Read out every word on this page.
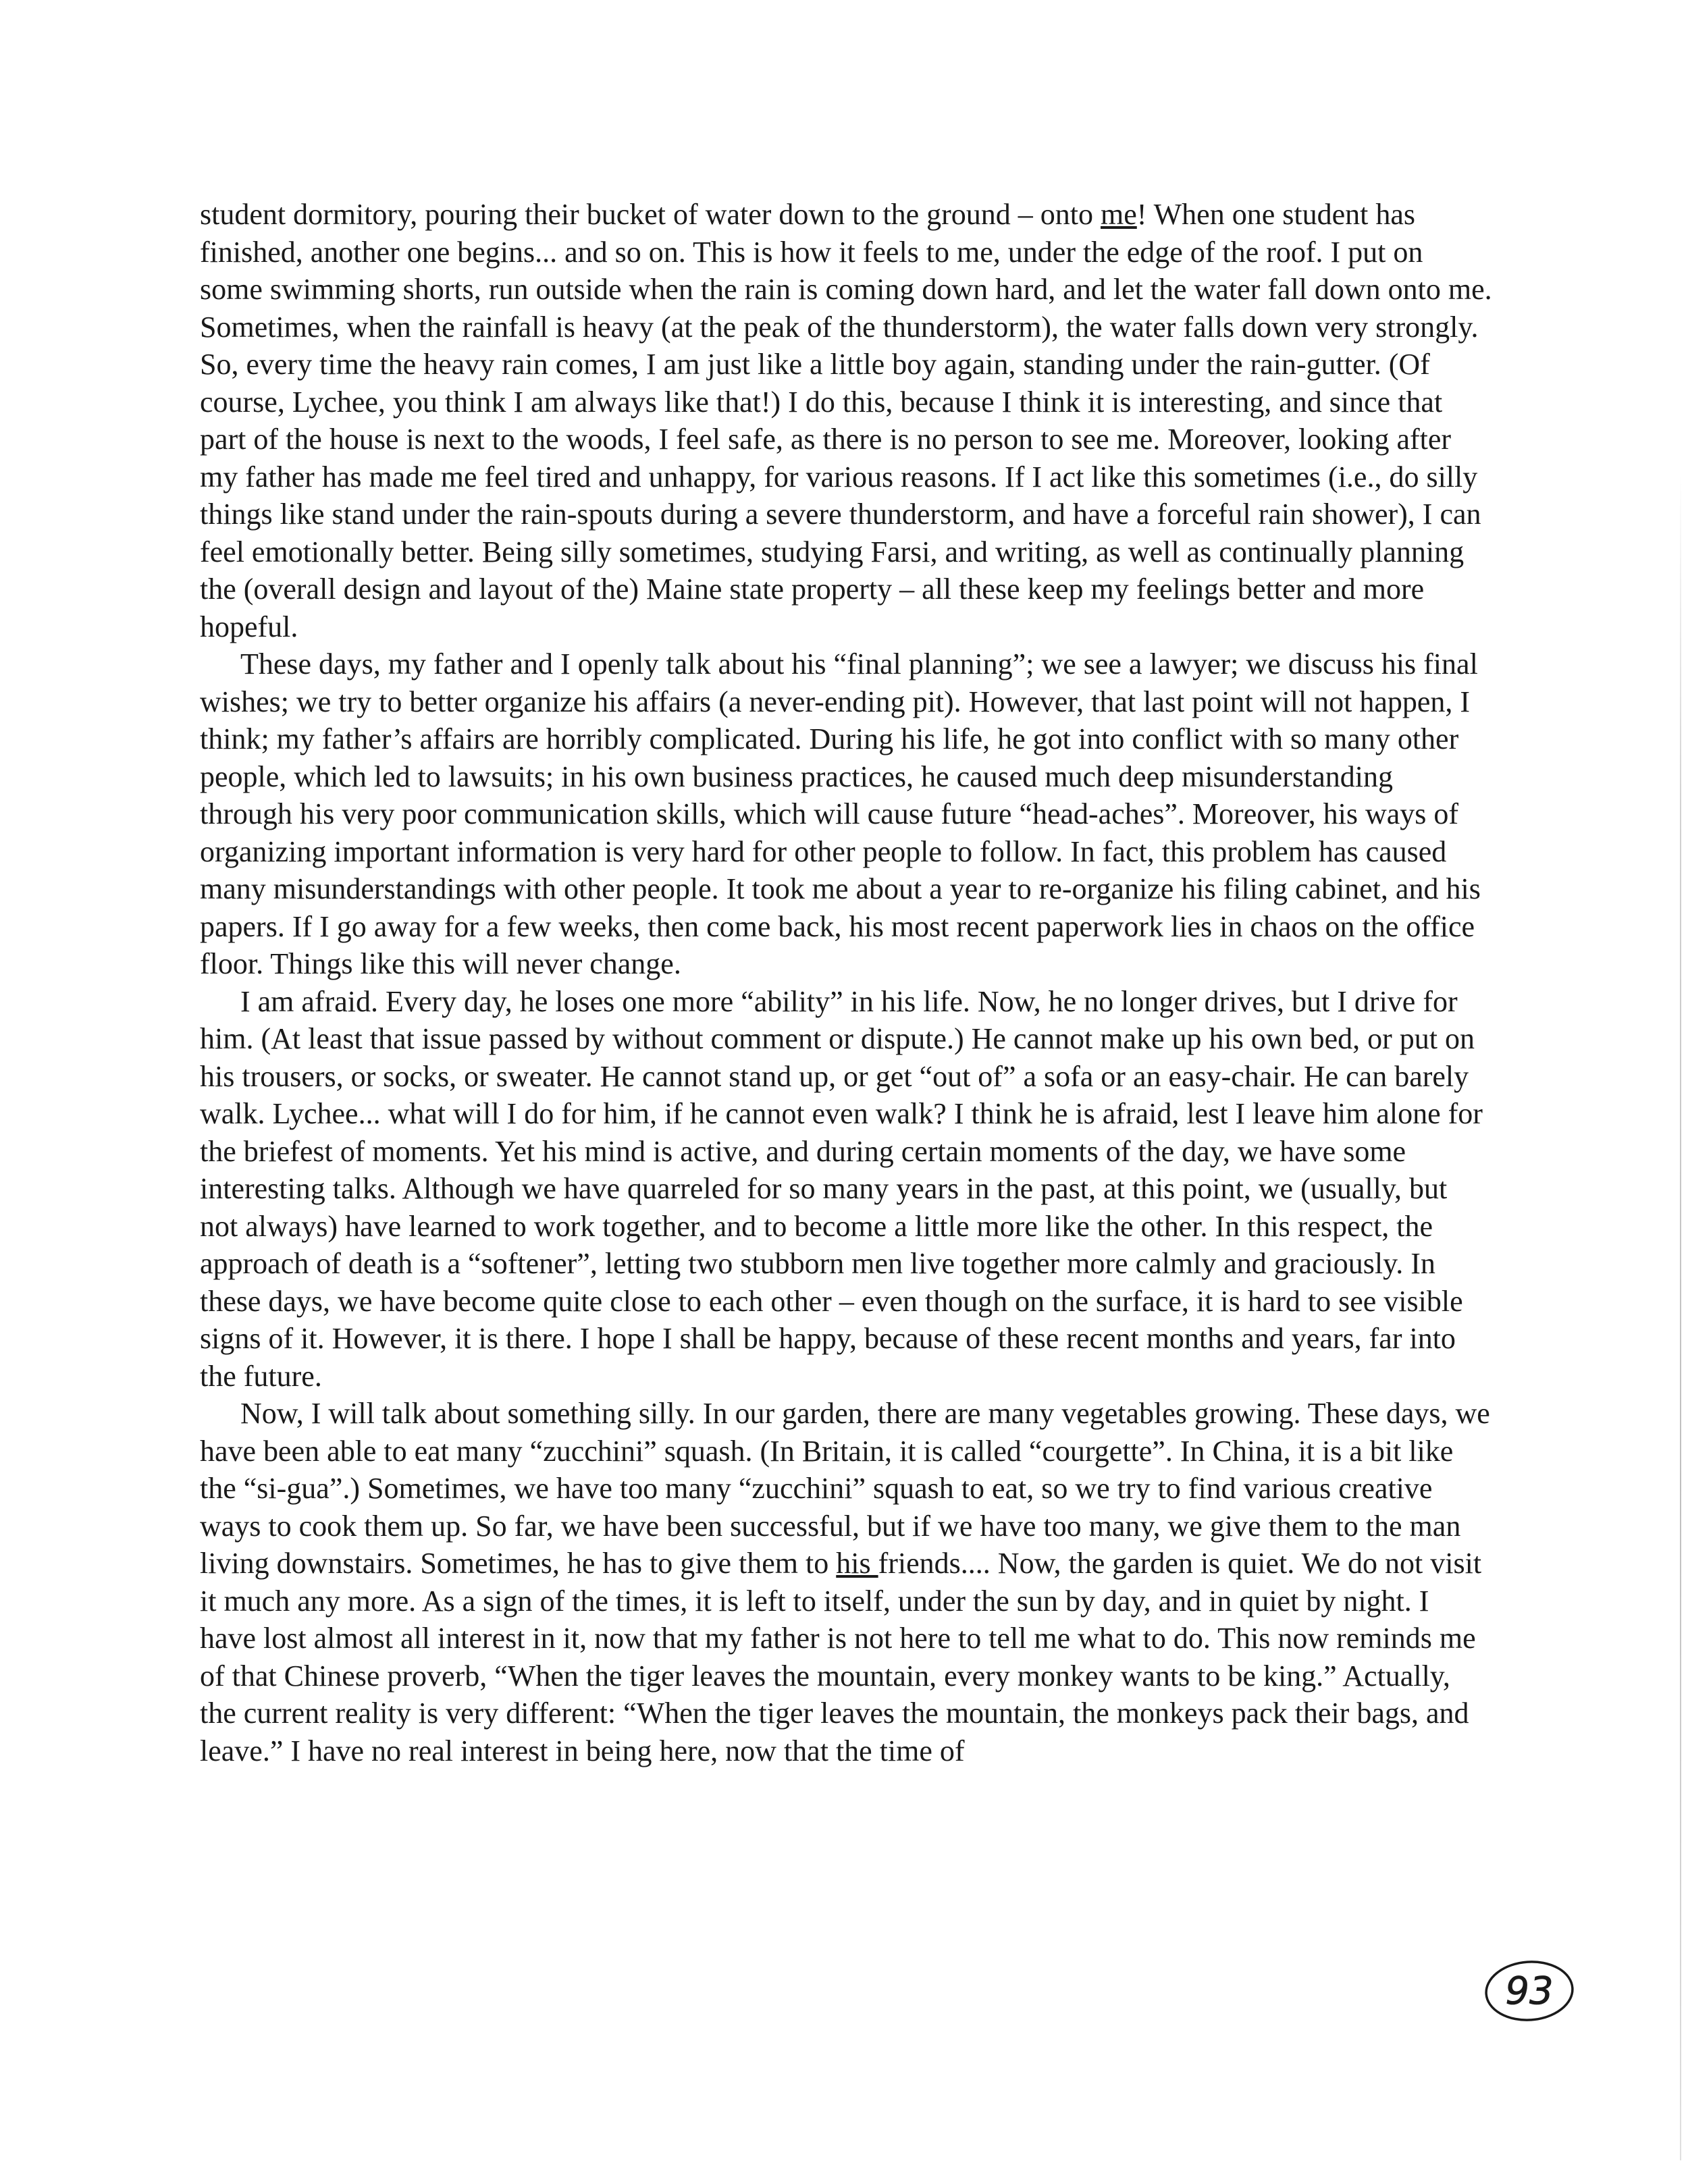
student dormitory, pouring their bucket of water down to the ground – onto me! When one student has finished, another one begins... and so on. This is how it feels to me, under the edge of the roof. I put on some swimming shorts, run outside when the rain is coming down hard, and let the water fall down onto me. Sometimes, when the rainfall is heavy (at the peak of the thunderstorm), the water falls down very strongly. So, every time the heavy rain comes, I am just like a little boy again, standing under the rain-gutter. (Of course, Lychee, you think I am always like that!) I do this, because I think it is interesting, and since that part of the house is next to the woods, I feel safe, as there is no person to see me. Moreover, looking after my father has made me feel tired and unhappy, for various reasons. If I act like this sometimes (i.e., do silly things like stand under the rain-spouts during a severe thunderstorm, and have a forceful rain shower), I can feel emotionally better. Being silly sometimes, studying Farsi, and writing, as well as continually planning the (overall design and layout of the) Maine state property – all these keep my feelings better and more hopeful.

These days, my father and I openly talk about his “final planning”; we see a lawyer; we discuss his final wishes; we try to better organize his affairs (a never-ending pit). However, that last point will not happen, I think; my father’s affairs are horribly complicated. During his life, he got into conflict with so many other people, which led to lawsuits; in his own business practices, he caused much deep misunderstanding through his very poor communication skills, which will cause future “head-aches”. Moreover, his ways of organizing important information is very hard for other people to follow. In fact, this problem has caused many misunderstandings with other people. It took me about a year to re-organize his filing cabinet, and his papers. If I go away for a few weeks, then come back, his most recent paperwork lies in chaos on the office floor. Things like this will never change.

I am afraid. Every day, he loses one more “ability” in his life. Now, he no longer drives, but I drive for him. (At least that issue passed by without comment or dispute.) He cannot make up his own bed, or put on his trousers, or socks, or sweater. He cannot stand up, or get “out of” a sofa or an easy-chair. He can barely walk. Lychee... what will I do for him, if he cannot even walk? I think he is afraid, lest I leave him alone for the briefest of moments. Yet his mind is active, and during certain moments of the day, we have some interesting talks. Although we have quarreled for so many years in the past, at this point, we (usually, but not always) have learned to work together, and to become a little more like the other. In this respect, the approach of death is a “softener”, letting two stubborn men live together more calmly and graciously. In these days, we have become quite close to each other – even though on the surface, it is hard to see visible signs of it. However, it is there. I hope I shall be happy, because of these recent months and years, far into the future.

Now, I will talk about something silly. In our garden, there are many vegetables growing. These days, we have been able to eat many “zucchini” squash. (In Britain, it is called “courgette”. In China, it is a bit like the “si-gua”.) Sometimes, we have too many “zucchini” squash to eat, so we try to find various creative ways to cook them up. So far, we have been successful, but if we have too many, we give them to the man living downstairs. Sometimes, he has to give them to his friends.... Now, the garden is quiet. We do not visit it much any more. As a sign of the times, it is left to itself, under the sun by day, and in quiet by night. I have lost almost all interest in it, now that my father is not here to tell me what to do. This now reminds me of that Chinese proverb, “When the tiger leaves the mountain, every monkey wants to be king.” Actually, the current reality is very different: “When the tiger leaves the mountain, the monkeys pack their bags, and leave.” I have no real interest in being here, now that the time of

93
